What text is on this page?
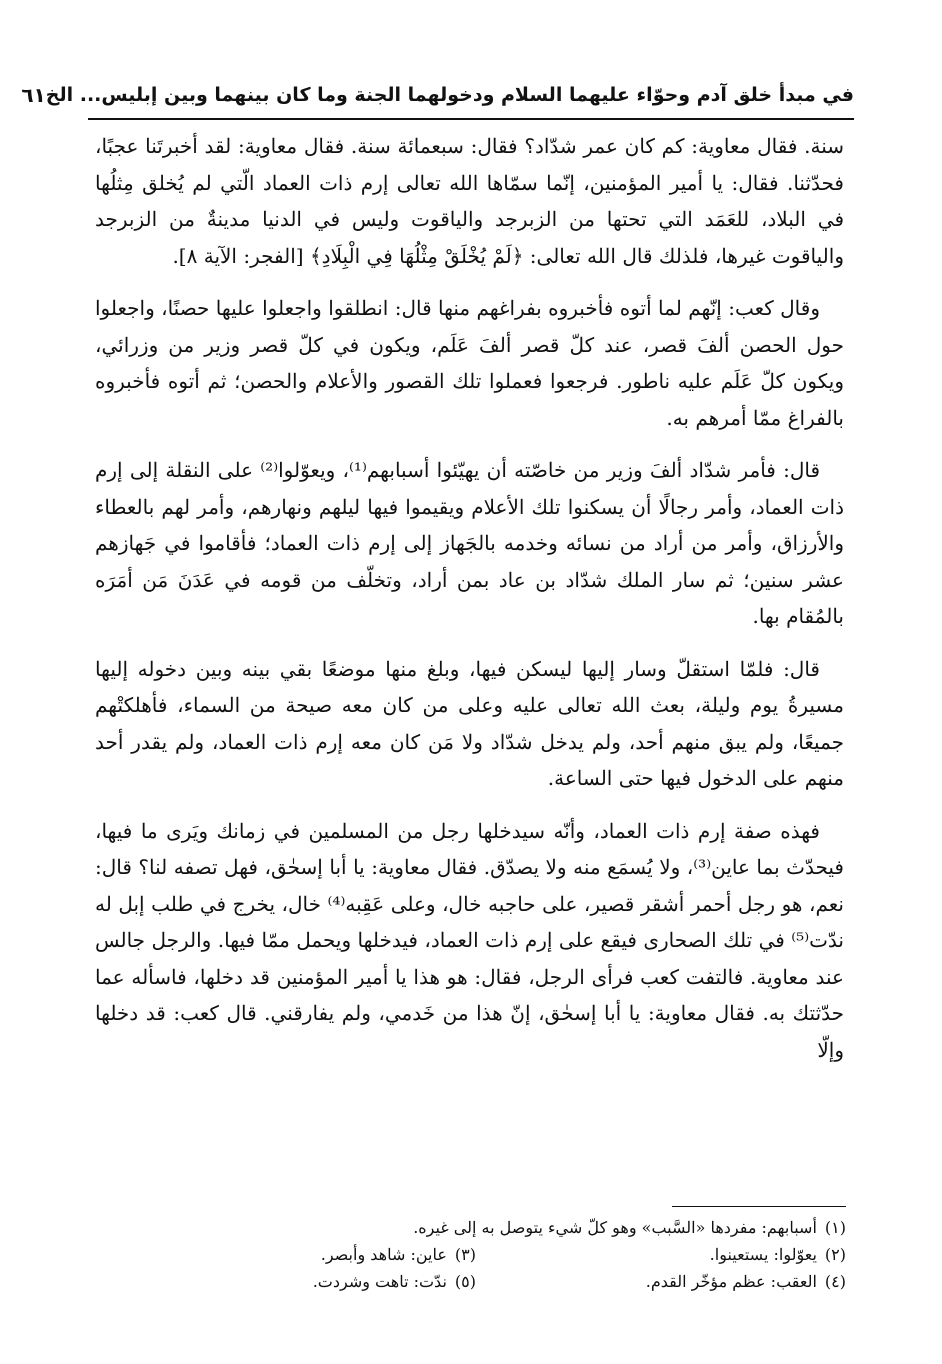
في مبدأ خلق آدم وحوّاء عليهما السلام ودخولهما الجنة وما كان بينهما وبين إبليس... الخ
٦١

سنة. فقال معاوية: كم كان عمر شدّاد؟ فقال: سبعمائة سنة. فقال معاوية: لقد أخبرتَنا عجبًا، فحدّثنا. فقال: يا أمير المؤمنين، إنّما سمّاها الله تعالى إرم ذات العماد الّتي لم يُخلق مِثلُها في البلاد، للعَمَد التي تحتها من الزبرجد والياقوت وليس في الدنيا مدينةٌ من الزبرجد والياقوت غيرها، فلذلك قال الله تعالى: ﴿لَمْ يُخْلَقْ مِثْلُهَا فِي الْبِلَادِ﴾ [الفجر: الآية ٨].

وقال كعب: إنّهم لما أتوه فأخبروه بفراغهم منها قال: انطلقوا واجعلوا عليها حصنًا، واجعلوا حول الحصن ألفَ قصر، عند كلّ قصر ألفَ عَلَم، ويكون في كلّ قصر وزير من وزرائي، ويكون كلّ عَلَم عليه ناطور. فرجعوا فعملوا تلك القصور والأعلام والحصن؛ ثم أتوه فأخبروه بالفراغ ممّا أمرهم به.

قال: فأمر شدّاد ألفَ وزير من خاصّته أن يهيّئوا أسبابهم⁽¹⁾، ويعوّلوا⁽²⁾ على النقلة إلى إرم ذات العماد، وأمر رجالًا أن يسكنوا تلك الأعلام ويقيموا فيها ليلهم ونهارهم، وأمر لهم بالعطاء والأرزاق، وأمر من أراد من نسائه وخدمه بالجَهاز إلى إرم ذات العماد؛ فأقاموا في جَهازهم عشر سنين؛ ثم سار الملك شدّاد بن عاد بمن أراد، وتخلّف من قومه في عَدَنَ مَن أمَرَه بالمُقام بها.

قال: فلمّا استقلّ وسار إليها ليسكن فيها، وبلغ منها موضعًا بقي بينه وبين دخوله إليها مسيرةُ يوم وليلة، بعث الله تعالى عليه وعلى من كان معه صيحة من السماء، فأهلكتْهم جميعًا، ولم يبق منهم أحد، ولم يدخل شدّاد ولا مَن كان معه إرم ذات العماد، ولم يقدر أحد منهم على الدخول فيها حتى الساعة.

فهذه صفة إرم ذات العماد، وأنّه سيدخلها رجل من المسلمين في زمانك ويَرى ما فيها، فيحدّث بما عاين⁽³⁾، ولا يُسمَع منه ولا يصدّق. فقال معاوية: يا أبا إسحٰق، فهل تصفه لنا؟ قال: نعم، هو رجل أحمر أشقر قصير، على حاجبه خال، وعلى عَقِبه⁽⁴⁾ خال، يخرج في طلب إبل له ندّت⁽⁵⁾ في تلك الصحارى فيقع على إرم ذات العماد، فيدخلها ويحمل ممّا فيها. والرجل جالس عند معاوية. فالتفت كعب فرأى الرجل، فقال: هو هذا يا أمير المؤمنين قد دخلها، فاسأله عما حدّثتك به. فقال معاوية: يا أبا إسحٰق، إنّ هذا من خَدمي، ولم يفارقني. قال كعب: قد دخلها وإلّا

(١)أسبابهم: مفردها «السَّبب» وهو كلّ شيء يتوصل به إلى غيره.
(٢)يعوّلوا: يستعينوا.
(٣)عاين: شاهد وأبصر.
(٤)العقب: عظم مؤخّر القدم.
(٥)ندّت: تاهت وشردت.
